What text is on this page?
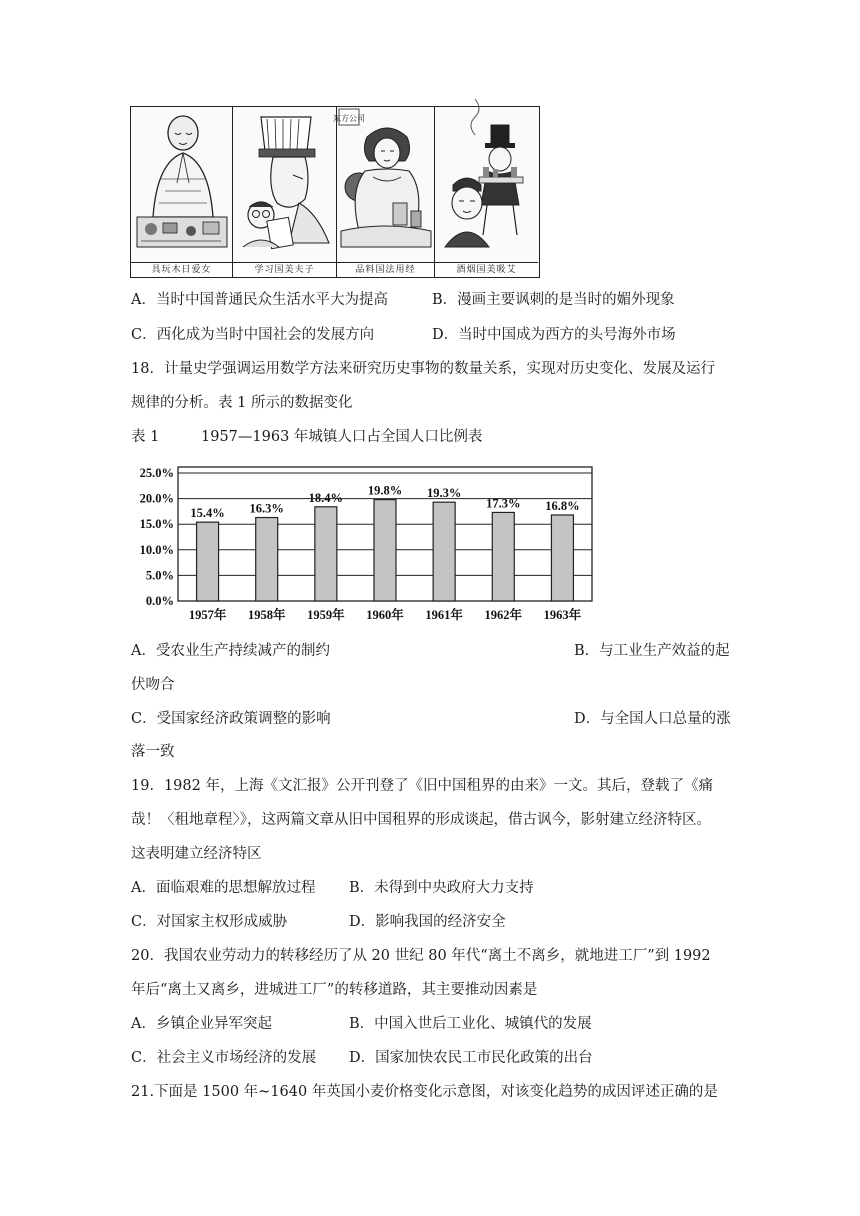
具玩木日爱女	学习国美夫子
东方公司
品料国法用经	酒烟国美吸艾
A．当时中国普通民众生活水平大为提高	B．漫画主要讽刺的是当时的媚外现象
C．西化成为当时中国社会的发展方向	D．当时中国成为西方的头号海外市场
18．计量史学强调运用数学方法来研究历史事物的数量关系，实现对历史变化、发展及运行
规律的分析。表 1 所示的数据变化
表 1	1957—1963 年城镇人口占全国人口比例表
25.0%
20.0%
15.0%
10.0%
5.0%
0.0%
15.4%
1957年
16.3%
1958年
18.4%
1959年
19.8%
1960年
19.3%
1961年
17.3%
1962年
16.8%
1963年
A．受农业生产持续减产的制约	B．与工业生产效益的起
伏吻合
C．受国家经济政策调整的影响	D．与全国人口总量的涨
落一致
19．1982 年，上海《文汇报》公开刊登了《旧中国租界的由来》一文。其后，登载了《痛
哉！〈租地章程〉》，这两篇文章从旧中国租界的形成谈起，借古讽今，影射建立经济特区。
这表明建立经济特区
A．面临艰难的思想解放过程 B．未得到中央政府大力支持
C．对国家主权形成威胁	D．影响我国的经济安全
20．我国农业劳动力的转移经历了从 20 世纪 80 年代“离土不离乡，就地进工厂”到 1992
年后“离土又离乡，进城进工厂”的转移道路，其主要推动因素是
A．乡镇企业异军突起	B．中国入世后工业化、城镇代的发展
C．社会主义市场经济的发展 D．国家加快农民工市民化政策的出台
21.下面是 1500 年~1640 年英国小麦价格变化示意图，对该变化趋势的成因评述正确的是
